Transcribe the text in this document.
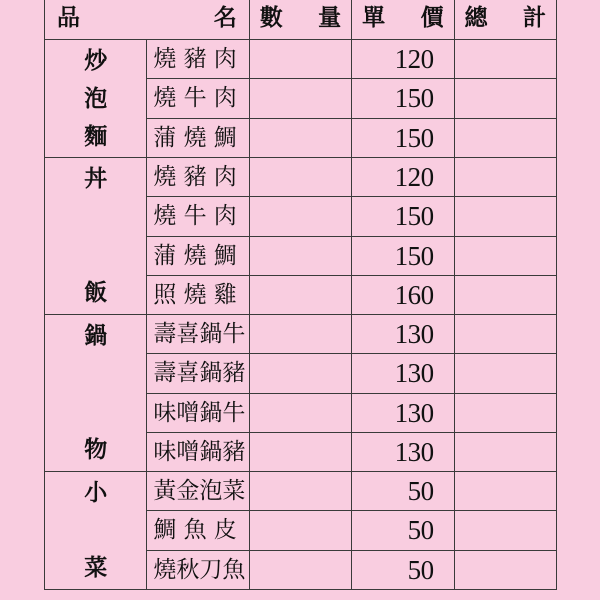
品 名		數 量	單 價	總 計

炒
泡
麵	燒 豬 肉		120	

	燒 牛 肉		150	

	蒲 燒 鯛		150	

丼
飯	燒 豬 肉		120	

	燒 牛 肉		150	

	蒲 燒 鯛		150	

	照 燒 雞		160	

鍋
物	壽 喜 鍋 牛		130	

	壽 喜 鍋 豬		130	

	味 噌 鍋 牛		130	

	味 噌 鍋 豬		130	

小
菜	黃 金 泡 菜		50	

	鯛 魚 皮		50	

	燒 秋 刀 魚		50	
